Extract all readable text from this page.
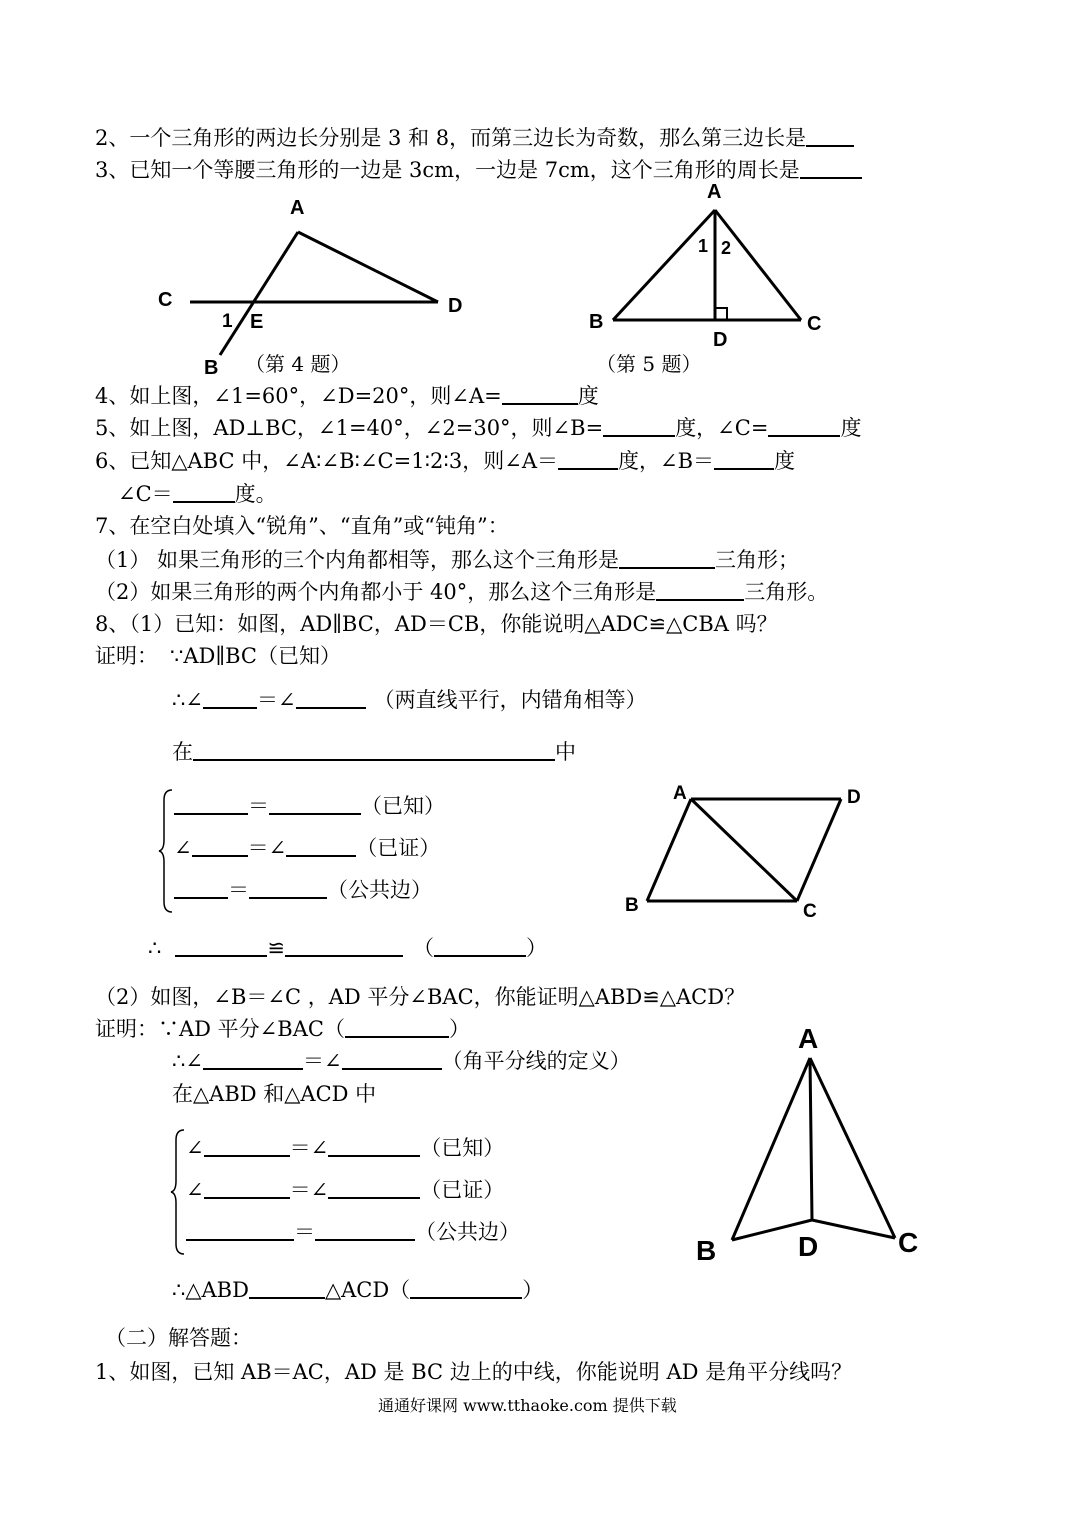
2、一个三角形的两边长分别是 3 和 8，而第三边长为奇数，那么第三边长是
3、已知一个等腰三角形的一边是 3cm，一边是 7cm，这个三角形的周长是
A
C	D
1 E
B （第 4 题）
A
1 2
B	C
D
（第 5 题）
4、如上图，∠1=60°，∠D=20°，则∠A=	度
5、如上图，AD⊥BC，∠1=40°，∠2=30°，则∠B=	度，∠C=	度
6、已知△ABC 中，∠A∶∠B∶∠C=1∶2∶3，则∠A＝	度，∠B＝	度
∠C＝	度。
7、在空白处填入“锐角”、“直角”或“钝角”：
（1） 如果三角形的三个内角都相等，那么这个三角形是	三角形；
（2）如果三角形的两个内角都小于 40°，那么这个三角形是	三角形。
8、（1）已知：如图，AD∥BC，AD＝CB，你能说明△ADC≌△CBA 吗？
证明： ∵AD∥BC（已知）
∴∠	＝∠	（两直线平行，内错角相等）
在	中
＝	（已知）
∠	＝∠	（已证）
＝	（公共边）
∴	≌	（	）
A	D
B	C
（2）如图，∠B＝∠C ，AD 平分∠BAC，你能证明△ABD≌△ACD？
证明：∵AD 平分∠BAC（	）
∴∠	＝∠	（角平分线的定义）
在△ABD 和△ACD 中
∠	＝∠	（已知）
∠	＝∠	（已证）
＝	（公共边）
∴△ABD	△ACD（	）
A
B	D	C
（二）解答题：
1、如图，已知 AB＝AC，AD 是 BC 边上的中线，你能说明 AD 是角平分线吗？
通通好课网 www.tthaoke.com 提供下载
